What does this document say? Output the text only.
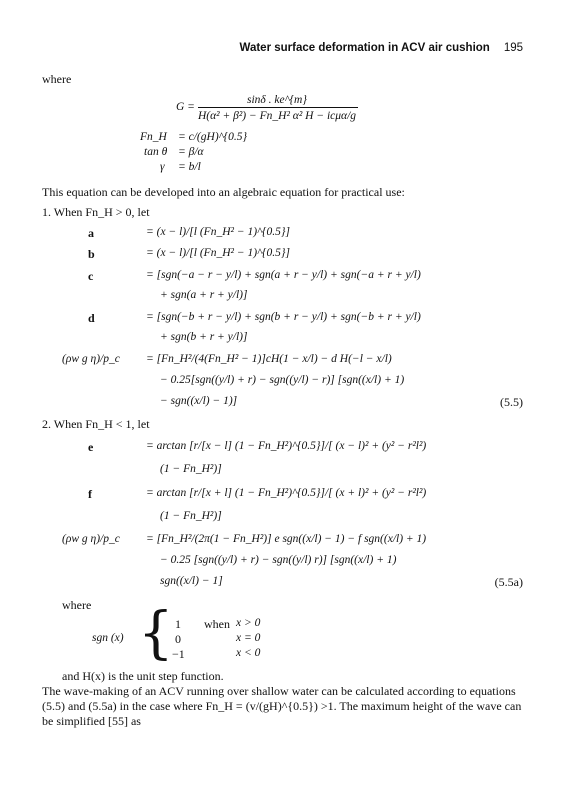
Water surface deformation in ACV air cushion 195
where
G =
sinδ . ke^{m}
H(α² + β²) − Fn_H² α² H − icμα/g
Fn_H = c/(gH)^{0.5}
tan θ = β/α
γ = b/l
This equation can be developed into an algebraic equation for practical use:
1. When Fn_H > 0, let
a	= (x − l)/[l (Fn_H² − 1)^{0.5}]
b	= (x − l)/[l (Fn_H² − 1)^{0.5}]
c	= [sgn(−a − r − y/l) + sgn(a + r − y/l) + sgn(−a + r + y/l)
+ sgn(a + r + y/l)]
d	= [sgn(−b + r − y/l) + sgn(b + r − y/l) + sgn(−b + r + y/l)
+ sgn(b + r + y/l)]
(ρw g η)/p_c = [Fn_H²/(4(Fn_H² − 1)]cH(1 − x/l) − d H(−l − x/l)
− 0.25[sgn((y/l) + r) − sgn((y/l) − r)] [sgn((x/l) + 1)
− sgn((x/l) − 1)]	(5.5)
2. When Fn_H < 1, let
e	= arctan [r/[x − l] (1 − Fn_H²)^{0.5}]/[ (x − l)² + (y² − r²l²)
(1 − Fn_H²)]
f	= arctan [r/[x + l] (1 − Fn_H²)^{0.5}]/[ (x + l)² + (y² − r²l²)
(1 − Fn_H²)]
(ρw g η)/p_c = [Fn_H²/(2π(1 − Fn_H²)] e sgn((x/l) − 1) − f sgn((x/l) + 1)
− 0.25 [sgn((y/l) + r) − sgn((y/l) r)] [sgn((x/l) + 1)
sgn((x/l) − 1]	(5.5a)
where
sgn (x) { 1 when x > 0
0	x = 0
−1	x < 0
and H(x) is the unit step function.
The wave-making of an ACV running over shallow water can be calculated according to equations (5.5) and (5.5a) in the case where Fn_H = (v/(gH)^{0.5}) >1. The maximum height of the wave can be simplified [55] as
